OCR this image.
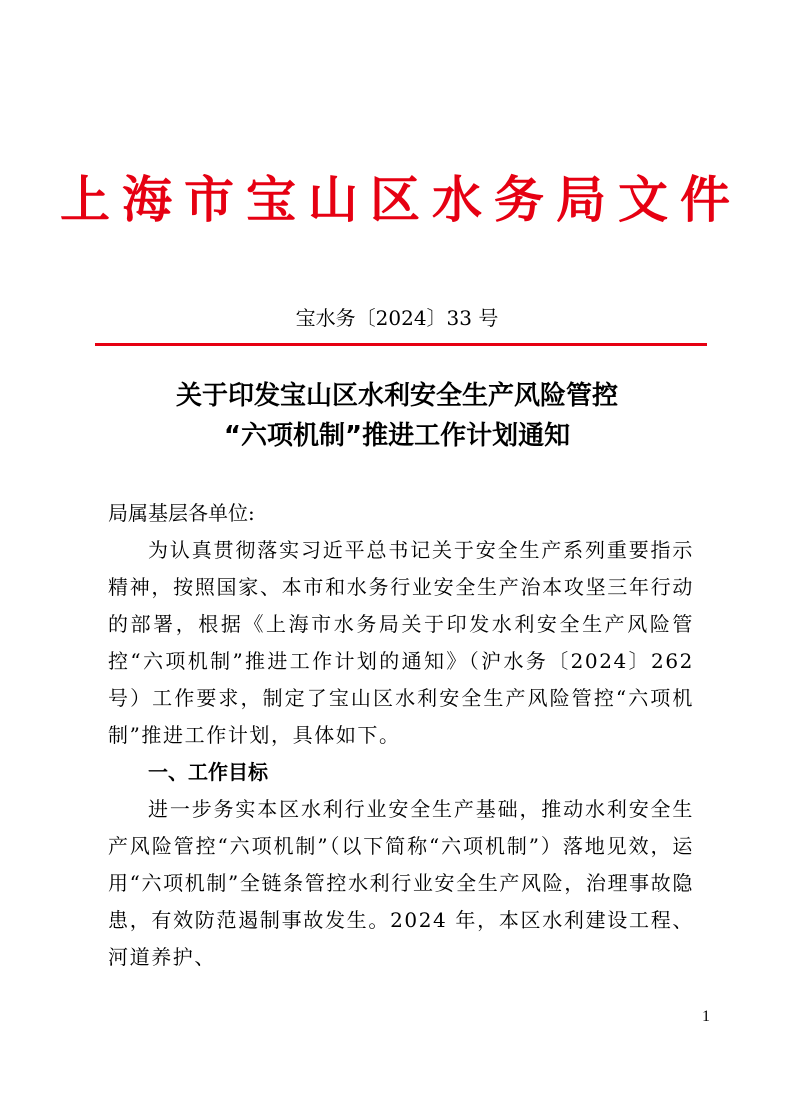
上海市宝山区水务局文件
宝水务〔2024〕33 号
关于印发宝山区水利安全生产风险管控
“六项机制”推进工作计划通知

局属基层各单位:

为认真贯彻落实习近平总书记关于安全生产系列重要指示精神，按照国家、本市和水务行业安全生产治本攻坚三年行动的部署，根据《上海市水务局关于印发水利安全生产风险管控“六项机制”推进工作计划的通知》（沪水务〔2024〕262 号）工作要求，制定了宝山区水利安全生产风险管控“六项机制”推进工作计划，具体如下。

一、工作目标

进一步务实本区水利行业安全生产基础，推动水利安全生产风险管控“六项机制”（以下简称“六项机制”）落地见效，运用“六项机制”全链条管控水利行业安全生产风险，治理事故隐患，有效防范遏制事故发生。2024 年，本区水利建设工程、河道养护、

1
